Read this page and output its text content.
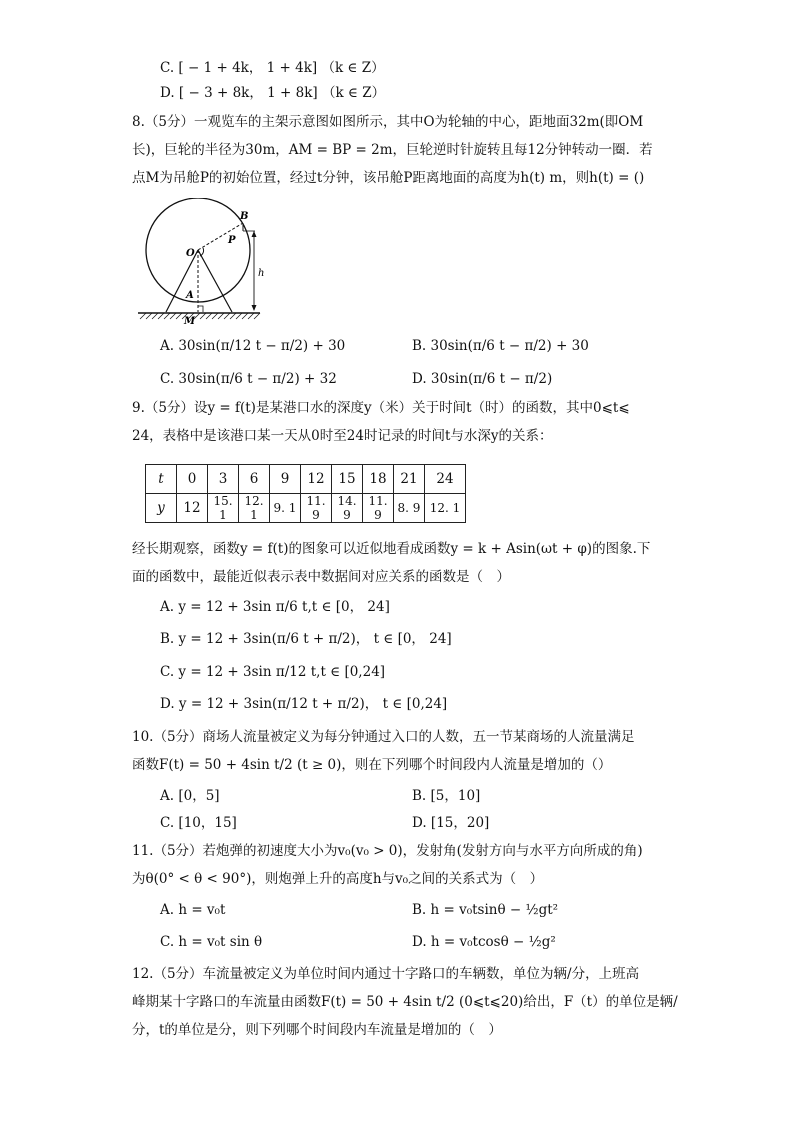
C. [ − 1 + 4k， 1 + 4k] （k ∈ Z）
D. [ − 3 + 8k， 1 + 8k] （k ∈ Z）

8.（5分）一观览车的主架示意图如图所示，其中O为轮轴的中心，距地面32m(即OM

长)，巨轮的半径为30m，AM = BP = 2m，巨轮逆时针旋转且每12分钟转动一圈．若

点M为吊舱P的初始位置，经过t分钟，该吊舱P距离地面的高度为h(t) m，则h(t) = ()

B
P
O
h
A
M
A. 30sin(π/12 t − π/2) + 30	B. 30sin(π/6 t − π/2) + 30
C. 30sin(π/6 t − π/2) + 32	D. 30sin(π/6 t − π/2)

9.（5分）设y = f(t)是某港口水的深度y（米）关于时间t（时）的函数，其中0⩽t⩽

24，表格中是该港口某一天从0时至24时记录的时间t与水深y的关系：

t	0	3	6	9	12	15	18	21	24
y	12	15. 1	12. 1	9. 1	11. 9	14. 9	11. 9	8. 9	12. 1

经长期观察，函数y = f(t)的图象可以近似地看成函数y = k + Asin(ωt + φ)的图象.下

面的函数中，最能近似表示表中数据间对应关系的函数是（　）

A. y = 12 + 3sin π/6 t,t ∈ [0， 24]
B. y = 12 + 3sin(π/6 t + π/2)， t ∈ [0， 24]
C. y = 12 + 3sin π/12 t,t ∈ [0,24]
D. y = 12 + 3sin(π/12 t + π/2)， t ∈ [0,24]

10.（5分）商场人流量被定义为每分钟通过入口的人数，五一节某商场的人流量满足

函数F(t) = 50 + 4sin t/2 (t ≥ 0)，则在下列哪个时间段内人流量是增加的（）

A. [0，5]	B. [5，10]
C. [10，15]	D. [15，20]

11.（5分）若炮弹的初速度大小为v₀(v₀ > 0)，发射角(发射方向与水平方向所成的角)

为θ(0° < θ < 90°)，则炮弹上升的高度h与v₀之间的关系式为（　）

A. h = v₀t	B. h = v₀tsinθ − ½gt²
C. h = v₀t sin θ	D. h = v₀tcosθ − ½g²

12.（5分）车流量被定义为单位时间内通过十字路口的车辆数，单位为辆/分，上班高

峰期某十字路口的车流量由函数F(t) = 50 + 4sin t/2 (0⩽t⩽20)给出，F（t）的单位是辆/

分，t的单位是分，则下列哪个时间段内车流量是增加的（　）
